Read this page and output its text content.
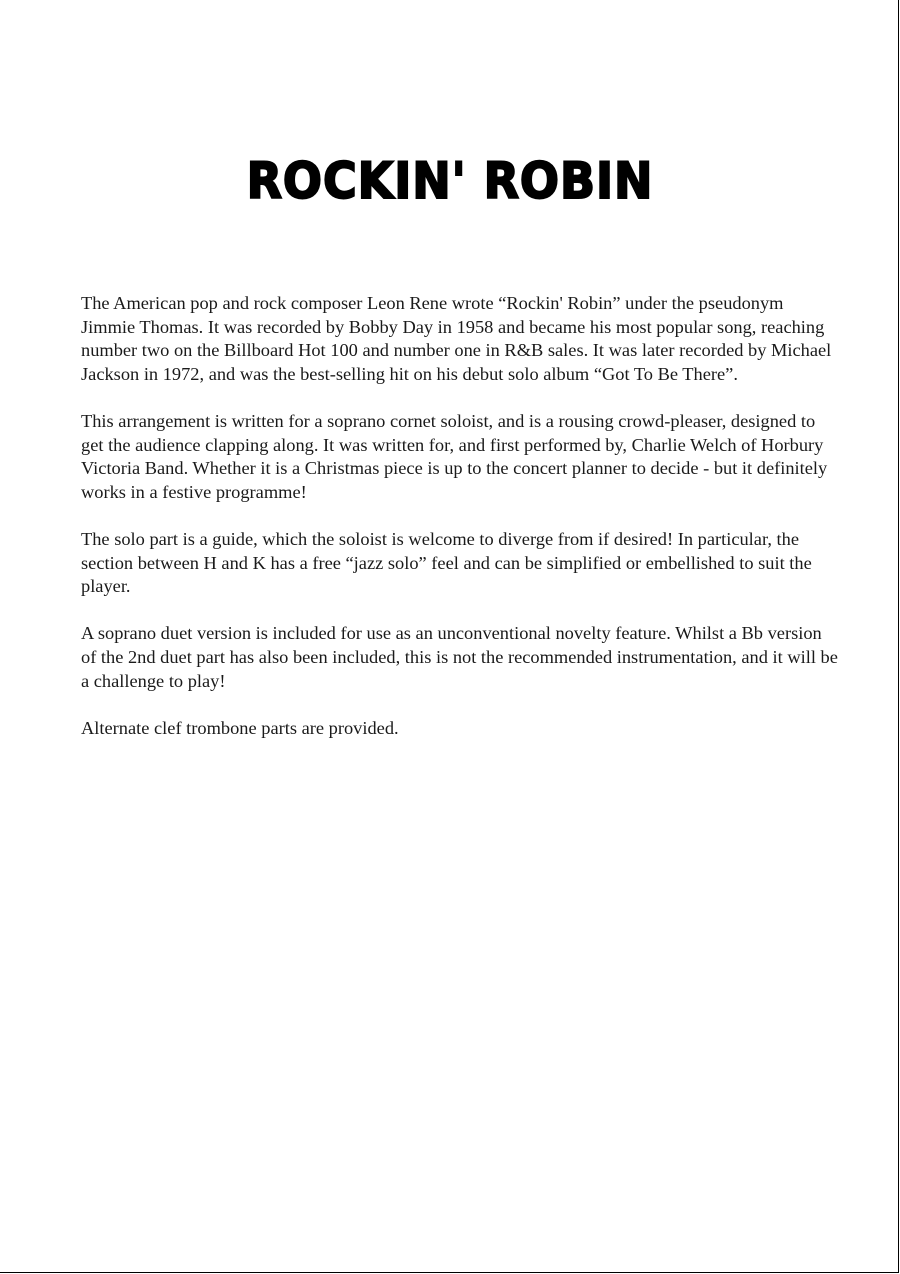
ROCKIN' ROBIN

The American pop and rock composer Leon Rene wrote “Rockin' Robin” under the pseudonym Jimmie Thomas. It was recorded by Bobby Day in 1958 and became his most popular song, reaching number two on the Billboard Hot 100 and number one in R&B sales. It was later recorded by Michael Jackson in 1972, and was the best-selling hit on his debut solo album “Got To Be There”.

This arrangement is written for a soprano cornet soloist, and is a rousing crowd-pleaser, designed to get the audience clapping along. It was written for, and first performed by, Charlie Welch of Horbury Victoria Band. Whether it is a Christmas piece is up to the concert planner to decide - but it definitely works in a festive programme!

The solo part is a guide, which the soloist is welcome to diverge from if desired! In particular, the section between H and K has a free “jazz solo” feel and can be simplified or embellished to suit the player.

A soprano duet version is included for use as an unconventional novelty feature. Whilst a Bb version of the 2nd duet part has also been included, this is not the recommended instrumentation, and it will be a challenge to play!

Alternate clef trombone parts are provided.
